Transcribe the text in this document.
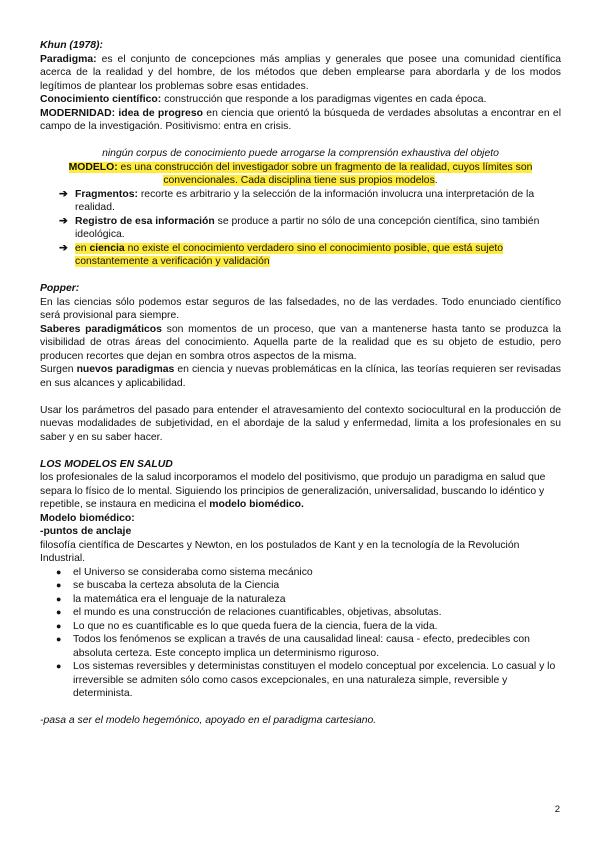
Khun (1978):

Paradigma: es el conjunto de concepciones más amplias y generales que posee una comunidad científica acerca de la realidad y del hombre, de los métodos que deben emplearse para abordarla y de los modos legítimos de plantear los problemas sobre esas entidades.

Conocimiento científico: construcción que responde a los paradigmas vigentes en cada época.

MODERNIDAD: idea de progreso en ciencia que orientó la búsqueda de verdades absolutas a encontrar en el campo de la investigación. Positivismo: entra en crisis.

ningún corpus de conocimiento puede arrogarse la comprensión exhaustiva del objeto

MODELO: es una construcción del investigador sobre un fragmento de la realidad, cuyos límites son convencionales. Cada disciplina tiene sus propios modelos.

➔ Fragmentos: recorte es arbitrario y la selección de la información involucra una interpretación de la realidad.

➔ Registro de esa información se produce a partir no sólo de una concepción científica, sino también ideológica.

➔ en ciencia no existe el conocimiento verdadero sino el conocimiento posible, que está sujeto constantemente a verificación y validación

Popper:

En las ciencias sólo podemos estar seguros de las falsedades, no de las verdades. Todo enunciado científico será provisional para siempre.

Saberes paradigmáticos son momentos de un proceso, que van a mantenerse hasta tanto se produzca la visibilidad de otras áreas del conocimiento. Aquella parte de la realidad que es su objeto de estudio, pero producen recortes que dejan en sombra otros aspectos de la misma.

Surgen nuevos paradigmas en ciencia y nuevas problemáticas en la clínica, las teorías requieren ser revisadas en sus alcances y aplicabilidad.

Usar los parámetros del pasado para entender el atravesamiento del contexto sociocultural en la producción de nuevas modalidades de subjetividad, en el abordaje de la salud y enfermedad, limita a los profesionales en su saber y en su saber hacer.

LOS MODELOS EN SALUD

los profesionales de la salud incorporamos el modelo del positivismo, que produjo un paradigma en salud que separa lo físico de lo mental. Siguiendo los principios de generalización, universalidad, buscando lo idéntico y repetible, se instaura en medicina el modelo biomédico.

Modelo biomédico:

-puntos de anclaje

filosofía científica de Descartes y Newton, en los postulados de Kant y en la tecnología de la Revolución Industrial.

● el Universo se consideraba como sistema mecánico
● se buscaba la certeza absoluta de la Ciencia
● la matemática era el lenguaje de la naturaleza
● el mundo es una construcción de relaciones cuantificables, objetivas, absolutas.
● Lo que no es cuantificable es lo que queda fuera de la ciencia, fuera de la vida.
● Todos los fenómenos se explican a través de una causalidad lineal: causa - efecto, predecibles con absoluta certeza. Este concepto implica un determinismo riguroso.
● Los sistemas reversibles y deterministas constituyen el modelo conceptual por excelencia. Lo casual y lo irreversible se admiten sólo como casos excepcionales, en una naturaleza simple, reversible y determinista.

-pasa a ser el modelo hegemónico, apoyado en el paradigma cartesiano.

2
